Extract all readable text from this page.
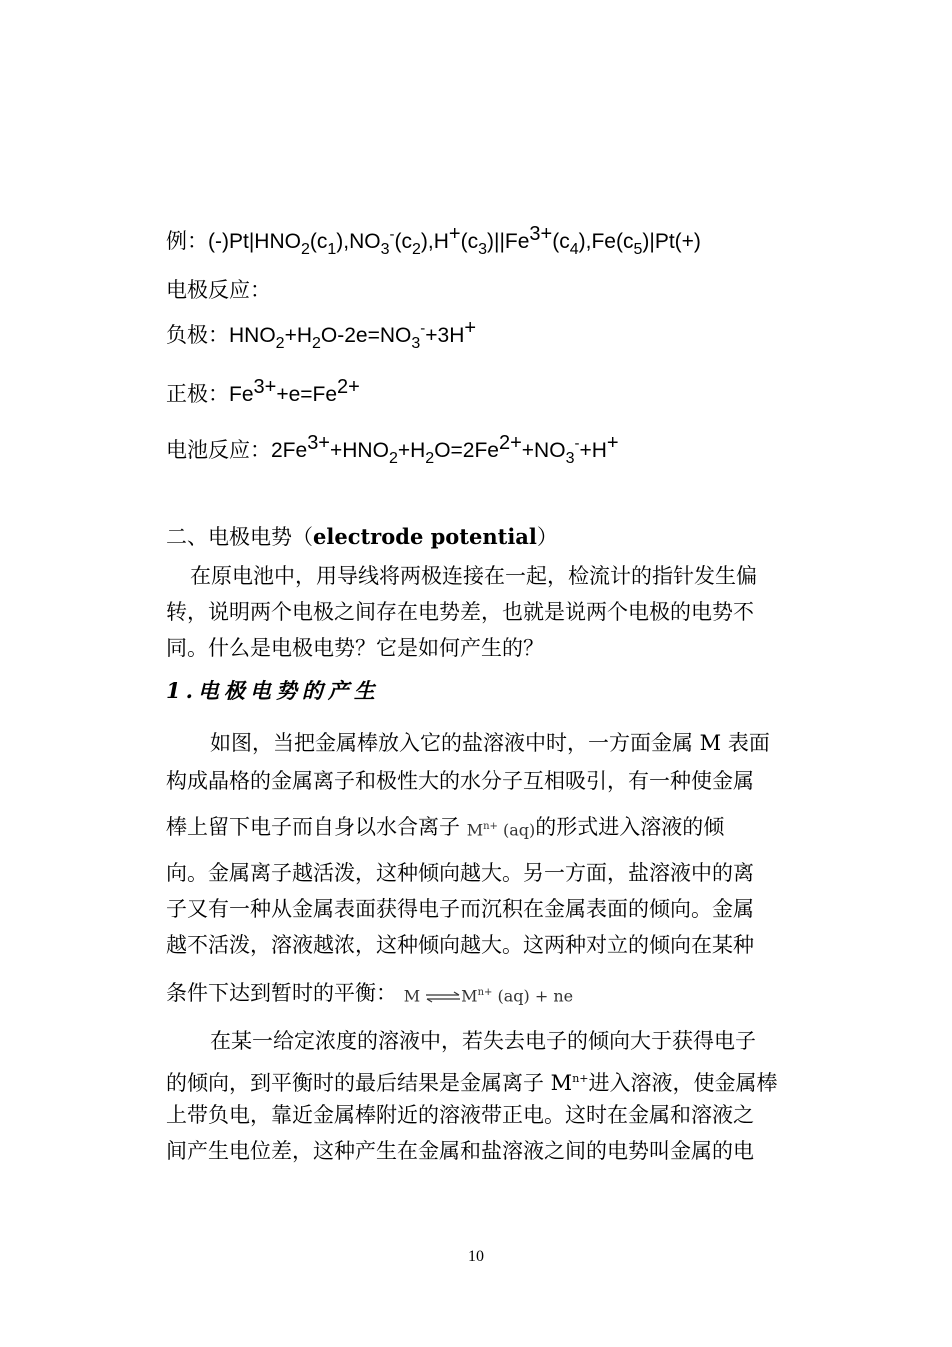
例：$(-)Pt|HNO_2(c_1),NO_3^-(c_2),H+(c_3)||Fe3+(c_4),Fe(c_5)|Pt(+)$
电极反应：
负极：$HNO_2+H_2O-2e=NO_3^-+3H+$
正极：Fe3++e=Fe2+
电池反应：$2Fe3++HNO_2+H_2O=2Fe2++NO_3^-+H+$
二、电极电势（electrode potential）
在原电池中，用导线将两极连接在一起，检流计的指针发生偏
转，说明两个电极之间存在电势差，也就是说两个电极的电势不
同。什么是电极电势？它是如何产生的？
1.电极电势的产生
如图，当把金属棒放入它的盐溶液中时，一方面金属 M 表面
构成晶格的金属离子和极性大的水分子互相吸引，有一种使金属
棒上留下电子而自身以水合离子 $M^{n+}$ (aq)的形式进入溶液的倾
向。金属离子越活泼，这种倾向越大。另一方面，盐溶液中的离
子又有一种从金属表面获得电子而沉积在金属表面的倾向。金属
越不活泼，溶液越浓，这种倾向越大。这两种对立的倾向在某种
条件下达到暂时的平衡： M $\rightleftharpoons M^{n+}$ (aq) + ne
在某一给定浓度的溶液中，若失去电子的倾向大于获得电子
的倾向，到平衡时的最后结果是金属离子 $M^{n+}$进入溶液，使金属棒
上带负电，靠近金属棒附近的溶液带正电。这时在金属和溶液之
间产生电位差，这种产生在金属和盐溶液之间的电势叫金属的电
10
